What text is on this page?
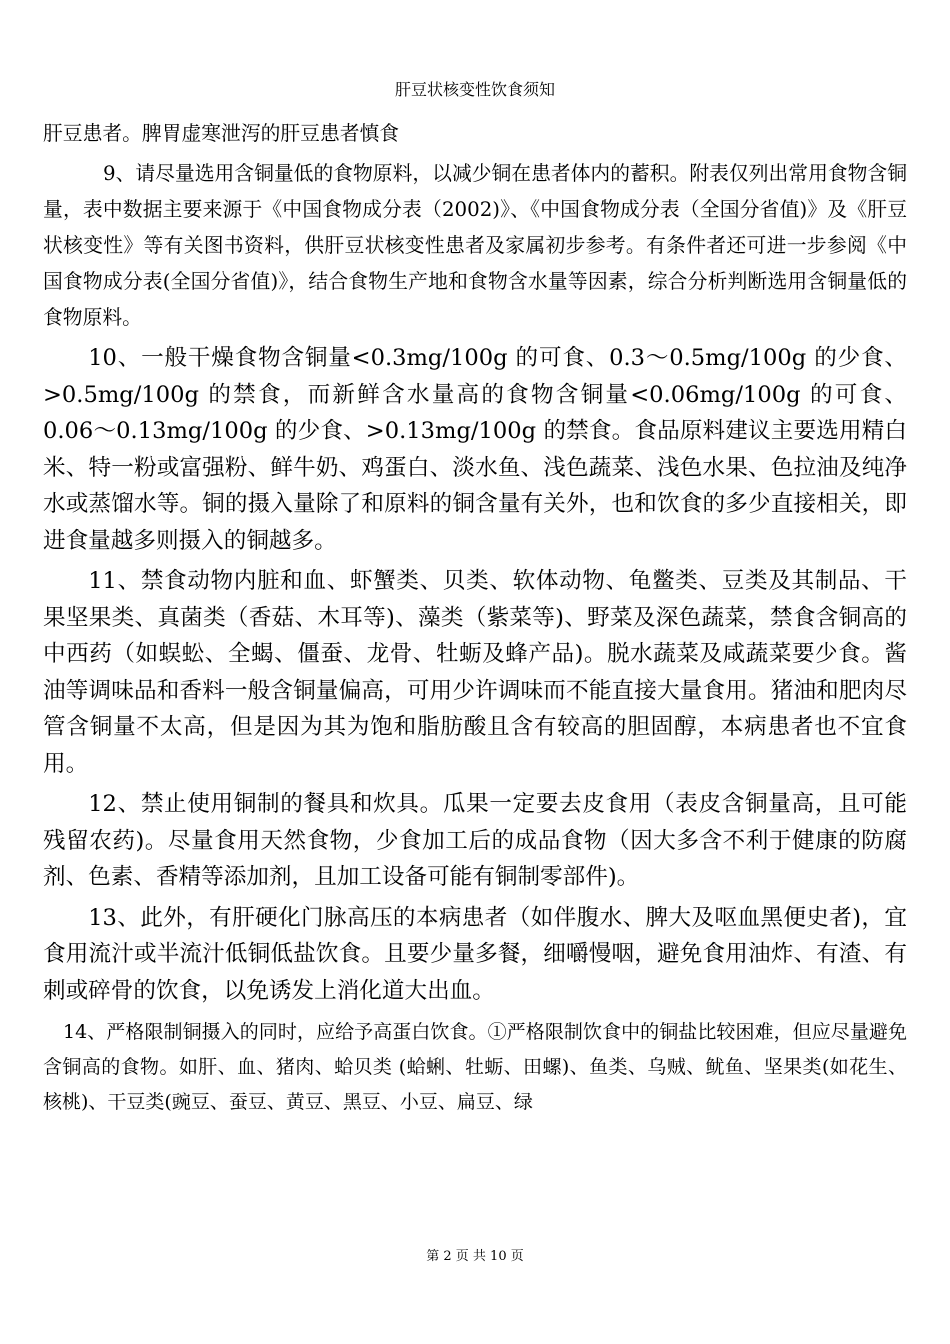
肝豆状核变性饮食须知

肝豆患者。脾胃虚寒泄泻的肝豆患者慎食

9、请尽量选用含铜量低的食物原料，以减少铜在患者体内的蓄积。附表仅列出常用食物含铜量，表中数据主要来源于《中国食物成分表（2002)》、《中国食物成分表（全国分省值)》及《肝豆状核变性》等有关图书资料，供肝豆状核变性患者及家属初步参考。有条件者还可进一步参阅《中国食物成分表(全国分省值)》，结合食物生产地和食物含水量等因素，综合分析判断选用含铜量低的食物原料。

10、一般干燥食物含铜量<0.3mg/100g 的可食、0.3～0.5mg/100g 的少食、>0.5mg/100g 的禁食，而新鲜含水量高的食物含铜量<0.06mg/100g 的可食、0.06～0.13mg/100g 的少食、>0.13mg/100g 的禁食。食品原料建议主要选用精白米、特一粉或富强粉、鲜牛奶、鸡蛋白、淡水鱼、浅色蔬菜、浅色水果、色拉油及纯净水或蒸馏水等。铜的摄入量除了和原料的铜含量有关外，也和饮食的多少直接相关，即进食量越多则摄入的铜越多。

11、禁食动物内脏和血、虾蟹类、贝类、软体动物、龟鳖类、豆类及其制品、干果坚果类、真菌类（香菇、木耳等)、藻类（紫菜等)、野菜及深色蔬菜，禁食含铜高的中西药（如蜈蚣、全蝎、僵蚕、龙骨、牡蛎及蜂产品)。脱水蔬菜及咸蔬菜要少食。酱油等调味品和香料一般含铜量偏高，可用少许调味而不能直接大量食用。猪油和肥肉尽管含铜量不太高，但是因为其为饱和脂肪酸且含有较高的胆固醇，本病患者也不宜食用。

12、禁止使用铜制的餐具和炊具。瓜果一定要去皮食用（表皮含铜量高，且可能残留农药)。尽量食用天然食物，少食加工后的成品食物（因大多含不利于健康的防腐剂、色素、香精等添加剂，且加工设备可能有铜制零部件)。

13、此外，有肝硬化门脉高压的本病患者（如伴腹水、脾大及呕血黑便史者)，宜食用流汁或半流汁低铜低盐饮食。且要少量多餐，细嚼慢咽，避免食用油炸、有渣、有刺或碎骨的饮食，以免诱发上消化道大出血。

14、严格限制铜摄入的同时，应给予高蛋白饮食。①严格限制饮食中的铜盐比较困难，但应尽量避免含铜高的食物。如肝、血、猪肉、蛤贝类 (蛤蜊、牡蛎、田螺)、鱼类、乌贼、鱿鱼、坚果类(如花生、核桃)、干豆类(豌豆、蚕豆、黄豆、黑豆、小豆、扁豆、绿

第 2 页 共 10 页
